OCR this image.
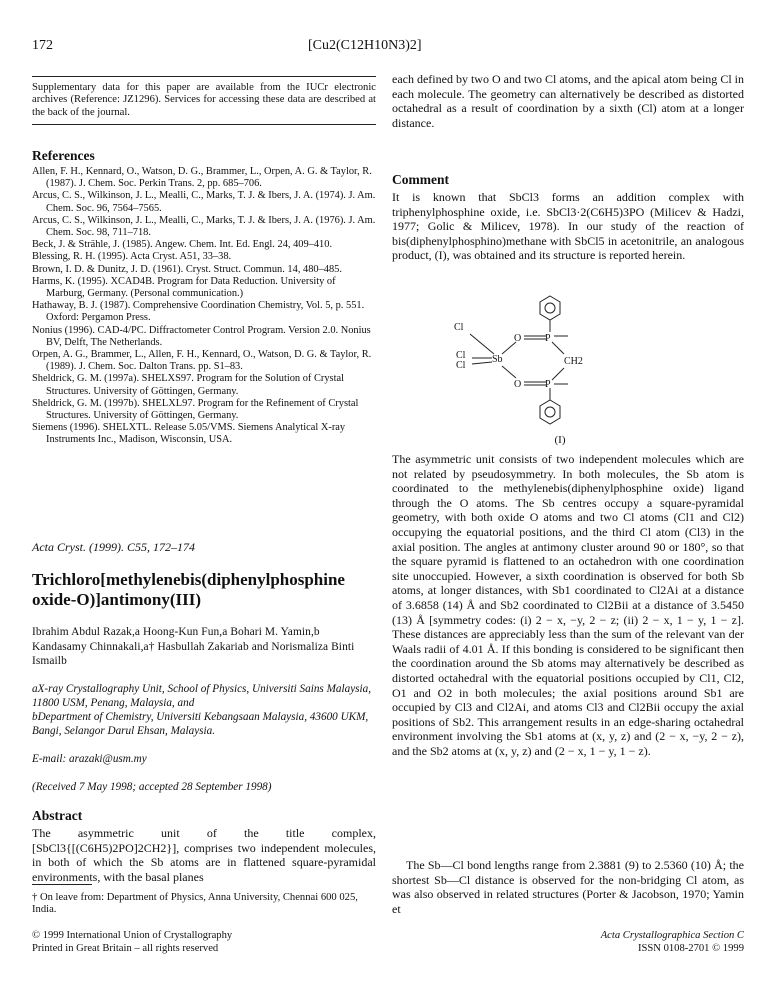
172	[Cu2(C12H10N3)2]
Supplementary data for this paper are available from the IUCr electronic archives (Reference: JZ1296). Services for accessing these data are described at the back of the journal.
References

Allen, F. H., Kennard, O., Watson, D. G., Brammer, L., Orpen, A. G. & Taylor, R. (1987). J. Chem. Soc. Perkin Trans. 2, pp. 685–706.

Arcus, C. S., Wilkinson, J. L., Mealli, C., Marks, T. J. & Ibers, J. A. (1974). J. Am. Chem. Soc. 96, 7564–7565.

Arcus, C. S., Wilkinson, J. L., Mealli, C., Marks, T. J. & Ibers, J. A. (1976). J. Am. Chem. Soc. 98, 711–718.

Beck, J. & Strähle, J. (1985). Angew. Chem. Int. Ed. Engl. 24, 409–410.

Blessing, R. H. (1995). Acta Cryst. A51, 33–38.

Brown, I. D. & Dunitz, J. D. (1961). Cryst. Struct. Commun. 14, 480–485.

Harms, K. (1995). XCAD4B. Program for Data Reduction. University of Marburg, Germany. (Personal communication.)

Hathaway, B. J. (1987). Comprehensive Coordination Chemistry, Vol. 5, p. 551. Oxford: Pergamon Press.

Nonius (1996). CAD-4/PC. Diffractometer Control Program. Version 2.0. Nonius BV, Delft, The Netherlands.

Orpen, A. G., Brammer, L., Allen, F. H., Kennard, O., Watson, D. G. & Taylor, R. (1989). J. Chem. Soc. Dalton Trans. pp. S1–83.

Sheldrick, G. M. (1997a). SHELXS97. Program for the Solution of Crystal Structures. University of Göttingen, Germany.

Sheldrick, G. M. (1997b). SHELXL97. Program for the Refinement of Crystal Structures. University of Göttingen, Germany.

Siemens (1996). SHELXTL. Release 5.05/VMS. Siemens Analytical X-ray Instruments Inc., Madison, Wisconsin, USA.

Acta Cryst. (1999). C55, 172–174
Trichloro[methylenebis(diphenylphosphine oxide-O)]antimony(III)
Ibrahim Abdul Razak,a Hoong-Kun Fun,a Bohari M. Yamin,b Kandasamy Chinnakali,a† Hasbullah Zakariab and Norismaliza Binti Ismailb
aX-ray Crystallography Unit, School of Physics, Universiti Sains Malaysia, 11800 USM, Penang, Malaysia, and
bDepartment of Chemistry, Universiti Kebangsaan Malaysia, 43600 UKM, Bangi, Selangor Darul Ehsan, Malaysia.
E-mail: arazaki@usm.my
(Received 7 May 1998; accepted 28 September 1998)
Abstract
The asymmetric unit of the title complex, [SbCl3{[(C6H5)2PO]2CH2}], comprises two independent molecules, in both of which the Sb atoms are in flattened square-pyramidal environments, with the basal planes
† On leave from: Department of Physics, Anna University, Chennai 600 025, India.
© 1999 International Union of Crystallography
Printed in Great Britain – all rights reserved
each defined by two O and two Cl atoms, and the apical atom being Cl in each molecule. The geometry can alternatively be described as distorted octahedral as a result of coordination by a sixth (Cl) atom at a longer distance.
Comment
It is known that SbCl3 forms an addition complex with triphenylphosphine oxide, i.e. SbCl3·2(C6H5)3PO (Milicev & Hadzi, 1977; Golic & Milicev, 1978). In our study of the reaction of bis(diphenylphosphino)methane with SbCl5 in acetonitrile, an analogous product, (I), was obtained and its structure is reported herein.
Cl
Cl
Cl
Sb
O
O
P
P
CH2
(I)
The asymmetric unit consists of two independent molecules which are not related by pseudosymmetry. In both molecules, the Sb atom is coordinated to the methylenebis(diphenylphosphine oxide) ligand through the O atoms. The Sb centres occupy a square-pyramidal geometry, with both oxide O atoms and two Cl atoms (Cl1 and Cl2) occupying the equatorial positions, and the third Cl atom (Cl3) in the axial position. The angles at antimony cluster around 90 or 180°, so that the square pyramid is flattened to an octahedron with one coordination site unoccupied. However, a sixth coordination is observed for both Sb atoms, at longer distances, with Sb1 coordinated to Cl2Ai at a distance of 3.6858 (14) Å and Sb2 coordinated to Cl2Bii at a distance of 3.5450 (13) Å [symmetry codes: (i) 2 − x, −y, 2 − z; (ii) 2 − x, 1 − y, 1 − z]. These distances are appreciably less than the sum of the relevant van der Waals radii of 4.01 Å. If this bonding is considered to be significant then the coordination around the Sb atoms may alternatively be described as distorted octahedral with the equatorial positions occupied by Cl1, Cl2, O1 and O2 in both molecules; the axial positions around Sb1 are occupied by Cl3 and Cl2Ai, and atoms Cl3 and Cl2Bii occupy the axial positions of Sb2. This arrangement results in an edge-sharing octahedral environment involving the Sb1 atoms at (x, y, z) and (2 − x, −y, 2 − z), and the Sb2 atoms at (x, y, z) and (2 − x, 1 − y, 1 − z).
The Sb—Cl bond lengths range from 2.3881 (9) to 2.5360 (10) Å; the shortest Sb—Cl distance is observed for the non-bridging Cl atom, as was also observed in related structures (Porter & Jacobson, 1970; Yamin et
Acta Crystallographica Section C
ISSN 0108-2701 © 1999
